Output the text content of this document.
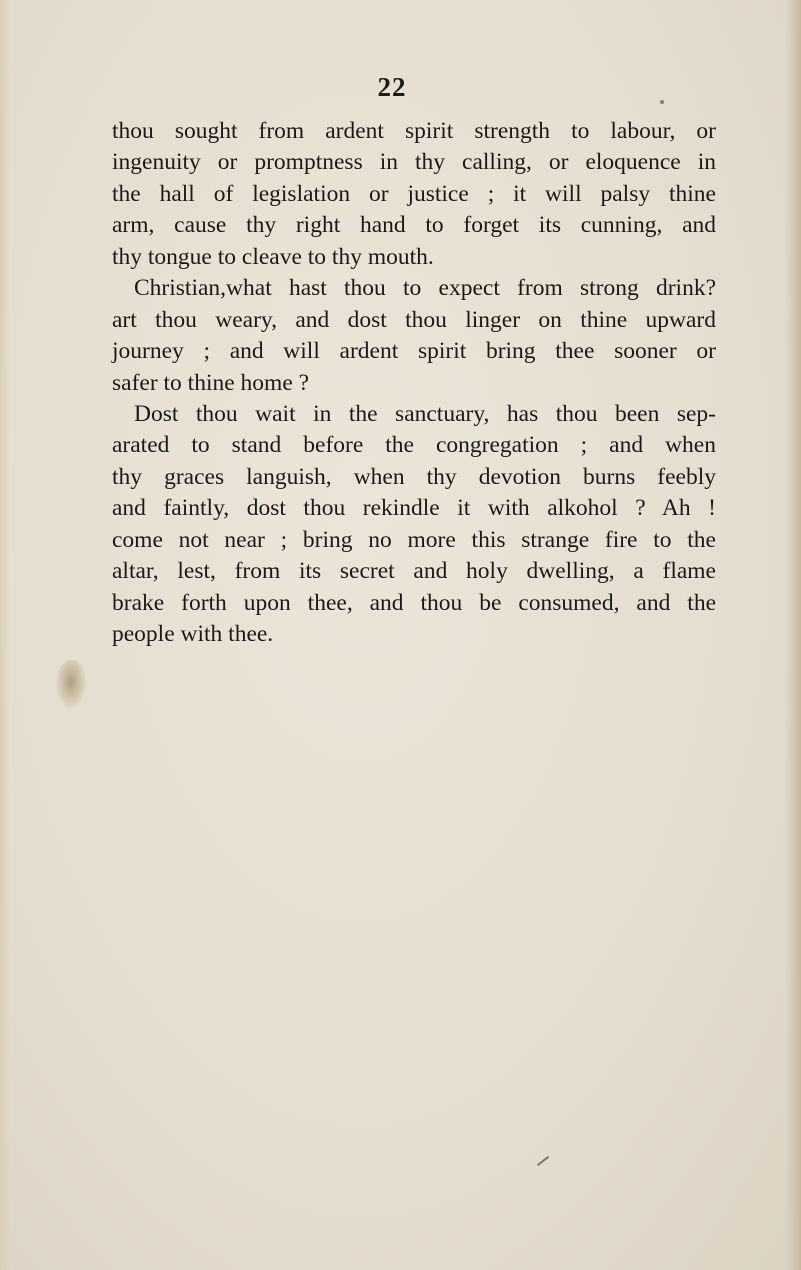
22
thou sought from ardent spirit strength to labour, or
ingenuity or promptness in thy calling, or eloquence in
the hall of legislation or justice ; it will palsy thine
arm, cause thy right hand to forget its cunning, and
thy tongue to cleave to thy mouth.
Christian,what hast thou to expect from strong drink?
art thou weary, and dost thou linger on thine upward
journey ; and will ardent spirit bring thee sooner or
safer to thine home ?
Dost thou wait in the sanctuary, has thou been sep-
arated to stand before the congregation ; and when
thy graces languish, when thy devotion burns feebly
and faintly, dost thou rekindle it with alkohol ? Ah !
come not near ; bring no more this strange fire to the
altar, lest, from its secret and holy dwelling, a flame
brake forth upon thee, and thou be consumed, and the
people with thee.
